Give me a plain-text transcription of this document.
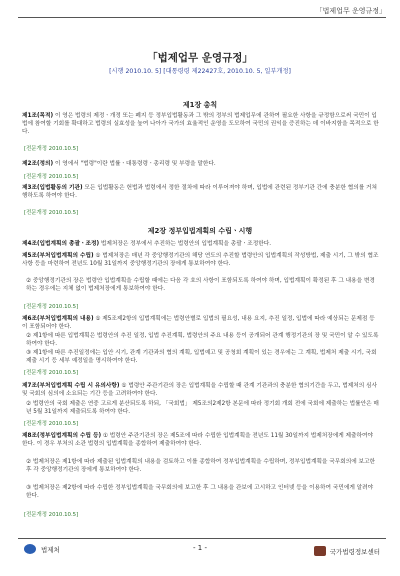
「법제업무 운영규정」
「법제업무 운영규정」
[시행 2010.10. 5] [대통령령 제22427호, 2010.10. 5, 일부개정]
제1장 총칙
제1조(목적) 이 영은 법령의 제정ㆍ개정 또는 폐지 등 정부입법활동과 그 밖의 정부의 법제업무에 관하여 필요한 사항을 규정함으로써 국민이 입법에 참여할 기회를 확대하고 법령의 실효성을 높여 나아가 국가의 효율적인 운영을 도모하여 국민의 권익을 증진하는 데 이바지함을 목적으로 한다.
[전문개정 2010.10.5]
제2조(정의) 이 영에서 "법령"이란 법률ㆍ대통령령ㆍ총리령 및 부령을 말한다.
[전문개정 2010.10.5]
제3조(입법활동의 기관) 모든 입법활동은 헌법과 법령에서 정한 절차에 따라 이루어져야 하며, 입법에 관련된 정부기관 간에 충분한 협의를 거쳐 행하도록 하여야 한다.
[전문개정 2010.10.5]
제2장 정부입법계획의 수립ㆍ시행
제4조(입법계획의 총괄ㆍ조정) 법제처장은 정부에서 추진하는 법령안의 입법계획을 총괄ㆍ조정한다.
제5조(부처입법계획의 수립) ① 법제처장은 매년 각 중앙행정기관의 해당 연도의 추진할 법령안의 입법계획의 작성방법, 제출 시기, 그 밖의 협조사항 등을 마련하여 전년도 10월 31일까지 중앙행정기관의 장에게 통보하여야 한다.
② 중앙행정기관의 장은 법령안 입법계획을 수립할 때에는 다음 각 호의 사항이 포함되도록 하여야 하며, 입법계획이 확정된 후 그 내용을 변경하는 경우에는 지체 없이 법제처장에게 통보하여야 한다.
[전문개정 2010.10.5]
제6조(부처입법계획의 내용) ① 제5조제2항의 입법계획에는 법령안별로 입법의 필요성, 내용 요지, 추진 일정, 입법에 따라 예상되는 문제점 등이 포함되어야 한다.
② 제1항에 따른 입법계획은 법령안의 추진 일정, 입법 추진계획, 법령안의 주요 내용 등이 공개되어 관계 행정기관의 장 및 국민이 알 수 있도록 하여야 한다.
③ 제1항에 따른 추진일정에는 입안 시기, 관계 기관과의 협의 계획, 입법예고 및 공청회 계획이 있는 경우에는 그 계획, 법제처 제출 시기, 국회 제출 시기 등 세부 예정일을 명시하여야 한다.
[전문개정 2010.10.5]
제7조(부처입법계획 수립 시 유의사항) ① 법령안 주관기관의 장은 입법계획을 수립할 때 관계 기관과의 충분한 협의기간을 두고, 법제처의 심사 및 국회의 심의에 소요되는 기간 등을 고려하여야 한다.
② 법령안의 국회 제출은 연중 고르게 분산되도록 하되, 「국회법」 제5조의2제2항 본문에 따라 정기회 개회 전에 국회에 제출하는 법률안은 매년 5월 31일까지 제출되도록 하여야 한다.
[전문개정 2010.10.5]
제8조(정부입법계획의 수립 등) ① 법령안 주관기관의 장은 제5조에 따라 수립한 입법계획을 전년도 11월 30일까지 법제처장에게 제출하여야 한다. 이 경우 부처의 소관 법령의 입법계획을 종합하여 제출하여야 한다.
② 법제처장은 제1항에 따라 제출된 입법계획의 내용을 검토하고 이를 종합하여 정부입법계획을 수립하며, 정부입법계획을 국무회의에 보고한 후 각 중앙행정기관의 장에게 통보하여야 한다.
③ 법제처장은 제2항에 따라 수립한 정부입법계획을 국무회의에 보고한 후 그 내용을 관보에 고시하고 인터넷 등을 이용하여 국민에게 알려야 한다.
[전문개정 2010.10.5]
법제처	- 1 -	국가법령정보센터
